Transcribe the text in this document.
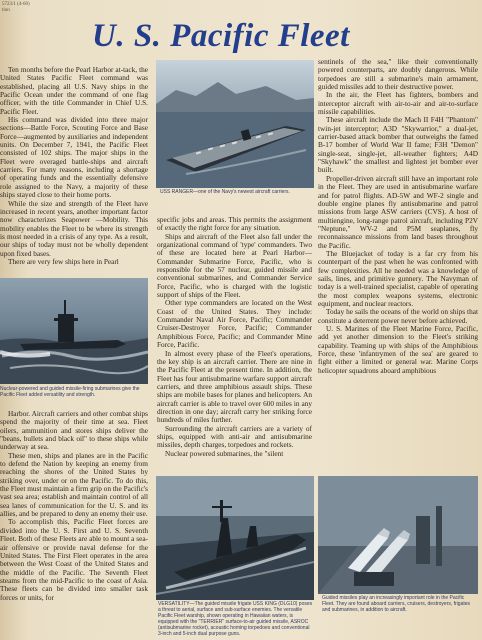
5723/1 (4-60)
tion
U. S. Pacific Fleet

Ten months before the Pearl Harbor at-tack, the United States Pacific Fleet command was established, placing all U.S. Navy ships in the Pacific Ocean under the command of one flag officer, with the title Commander in Chief U.S. Pacific Fleet.

His command was divided into three major sections—Battle Force, Scouting Force and Base Force—augmented by auxiliaries and independent units. On December 7, 1941, the Pacific Fleet consisted of 102 ships. The major ships in the Fleet were overaged battle-ships and aircraft carriers. For many reasons, including a shortage of operating funds and the essentially defensive role assigned to the Navy, a majority of these ships stayed close to their home ports.

While the size and strength of the Fleet have increased in recent years, another important factor now characterizes Seapower —Mobility. This mobility enables the Fleet to be where its strength is most needed in a crisis of any type. As a result, our ships of today must not be wholly dependent upon fixed bases.

There are very few ships here in Pearl

Nuclear-powered and guided missile-firing submarines give the Pacific Fleet added versatility and strength.

Harbor. Aircraft carriers and other combat ships spend the majority of their time at sea. Fleet oilers, ammunition and stores ships deliver the "beans, bullets and black oil" to these ships while underway at sea.

These men, ships and planes are in the Pacific to defend the Nation by keeping an enemy from reaching the shores of the United States by striking over, under or on the Pacific. To do this, the Fleet must maintain a firm grip on the Pacific's vast sea area; establish and maintain control of all sea lanes of communication for the U. S. and its allies, and be prepared to deny an enemy their use.

To accomplish this, Pacific Fleet forces are divided into the U. S. First and U. S. Seventh Fleet. Both of these Fleets are able to mount a sea-air offensive or provide naval defense for the United States. The First Fleet operates in the area between the West Coast of the United States and the middle of the Pacific. The Seventh Fleet steams from the mid-Pacific to the coast of Asia. These fleets can be divided into smaller task forces or units, for

USS RANGER—one of the Navy's newest aircraft carriers.

specific jobs and areas. This permits the assignment of exactly the right force for any situation.

Ships and aircraft of the Fleet also fall under the organizational command of 'type' commanders. Two of these are located here at Pearl Harbor—Commander Submarine Force, Pacific, who is responsible for the 57 nuclear, guided missile and conventional submarines, and Commander Service Force, Pacific, who is charged with the logistic support of ships of the Fleet.

Other type commanders are located on the West Coast of the United States. They include: Commander Naval Air Force, Pacific; Commander Cruiser-Destroyer Force, Pacific; Commander Amphibious Force, Pacific; and Commander Mine Force, Pacific.

In almost every phase of the Fleet's operations, the key ship is an aircraft carrier. There are nine in the Pacific Fleet at the present time. In addition, the Fleet has four antisubmarine warfare support aircraft carriers, and three amphibious assault ships. These ships are mobile bases for planes and helicopters. An aircraft carrier is able to travel over 600 miles in any direction in one day; aircraft carry her striking force hundreds of miles further.

Surrounding the aircraft carriers are a variety of ships, equipped with anti-air and antisubmarine missiles, depth charges, torpedoes and rockets.

Nuclear powered submarines, the "silent

VERSATILITY—The guided missile frigate USS KING (DLG10) poses a threat to aerial, surface and sub-surface enemies. The versatile Pacific Fleet warship, shown operating in Hawaiian waters, is equipped with the "TERRIER" surface-to-air guided missile, ASROC (antisubmarine rocket), acoustic homing torpedoes and conventional 3-inch and 5-inch dual purpose guns.

sentinels of the sea," like their conventionally powered counterparts, are doubly dangerous. While torpedoes are still a submarine's main armament, guided missiles add to their destructive power.

In the air, the Fleet has fighters, bombers and interceptor aircraft with air-to-air and air-to-surface missile capabilities.

These aircraft include the Mach II F4H "Phantom" twin-jet interceptor; A3D "Skywarrior," a dual-jet, carrier-based attack bomber that outweighs the famed B-17 bomber of World War II fame; F3H "Demon" single-seat, single-jet, all-weather fighters; A4D "Skyhawk" the smallest and lightest jet bomber ever built.

Propeller-driven aircraft still have an important role in the Fleet. They are used in antisubmarine warfare and for patrol flights. AD-5W and WF-2 single and double engine planes fly antisubmarine and patrol missions from large ASW carriers (CVS). A host of multiengine, long-range patrol aircraft, including P2V "Neptune," WV-2 and P5M seaplanes, fly reconnaissance missions from land bases throughout the Pacific.

The Bluejacket of today is a far cry from his counterpart of the past when he was confronted with few complexities. All he needed was a knowledge of sails, lines, and primitive gunnery. The Navyman of today is a well-trained specialist, capable of operating the most complex weapons systems, electronic equipment, and nuclear reactors.

Today he sails the oceans of the world on ships that constitute a deterrent power never before achieved.

U. S. Marines of the Fleet Marine Force, Pacific, add yet another dimension to the Fleet's striking capability. Teaming up with ships of the Amphibious Force, these 'infantrymen of the sea' are geared to fight either a limited or general war. Marine Corps helicopter squadrons aboard amphibious

Guided missiles play an increasingly important role in the Pacific Fleet. They are found aboard carriers, cruisers, destroyers, frigates and submarines, in addition to aircraft.
